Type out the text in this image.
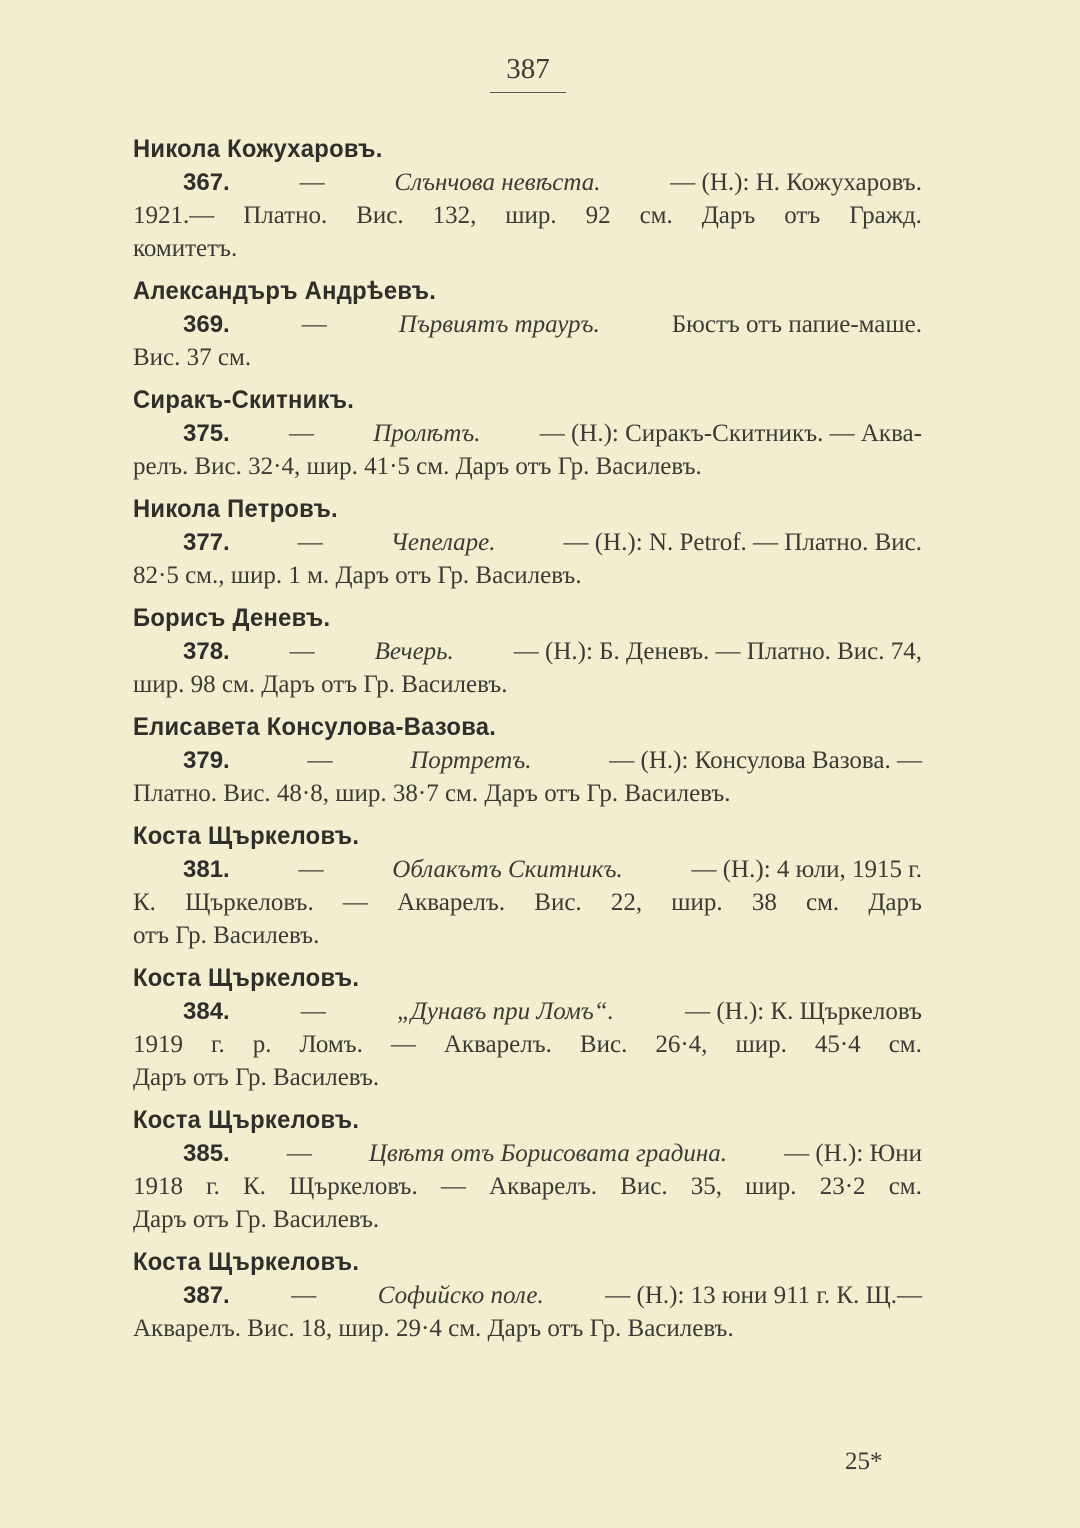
387
Никола Кожухаровъ.
367.	—	Слънчова невѣста.	— (Н.): Н. Кожухаровъ.
1921.— Платно. Вис. 132, шир. 92 см. Даръ отъ Гражд.
комитетъ.
Александъръ Андрѣевъ.
369.	—	Първиятъ трауръ.	Бюстъ отъ папие-маше.
Вис. 37 см.
Сиракъ-Скитникъ.
375. — Пролѣтъ. — (Н.): Сиракъ-Скитникъ. — Аква-
релъ. Вис. 32·4, шир. 41·5 см. Даръ отъ Гр. Василевъ.
Никола Петровъ.
377.	—	Чепеларе.	— (Н.): N. Petrof. — Платно. Вис.
82·5 см., шир. 1 м. Даръ отъ Гр. Василевъ.
Борисъ Деневъ.
378. — Вечерь. — (Н.): Б. Деневъ. — Платно. Вис. 74,
шир. 98 см. Даръ отъ Гр. Василевъ.
Елисавета Консулова-Вазова.
379.	—	Портретъ.	— (Н.): Консулова Вазова. —
Платно. Вис. 48·8, шир. 38·7 см. Даръ отъ Гр. Василевъ.
Коста Щъркеловъ.
381.	—	Облакътъ Скитникъ.	— (Н.): 4 юли, 1915 г.
К. Щъркеловъ. — Акварелъ. Вис. 22, шир. 38 см. Даръ
отъ Гр. Василевъ.
Коста Щъркеловъ.
384.	—	„Дунавъ при Ломъ“.	— (Н.): К. Щъркеловъ
1919 г. р. Ломъ. — Акварелъ. Вис. 26·4, шир. 45·4 см.
Даръ отъ Гр. Василевъ.
Коста Щъркеловъ.
385. — Цвѣтя отъ Борисовата градина. — (Н.): Юни
1918 г. К. Щъркеловъ. — Акварелъ. Вис. 35, шир. 23·2 см.
Даръ отъ Гр. Василевъ.
Коста Щъркеловъ.
387. — Софийско поле. — (Н.): 13 юни 911 г. К. Щ.—
Акварелъ. Вис. 18, шир. 29·4 см. Даръ отъ Гр. Василевъ.
25*
